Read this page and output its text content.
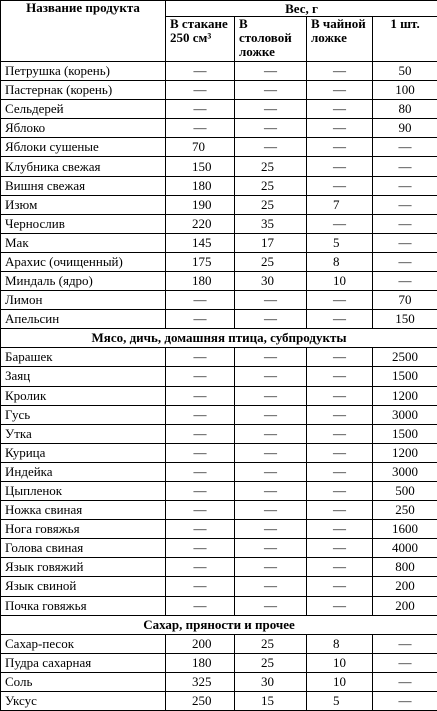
Название продукта	Вес, г			
	В стакане 250 см³	В столовой ложке	В чайной ложке	1 шт.
Петрушка (корень)	—	—	—	50
Пастернак (корень)	—	—	—	100
Сельдерей	—	—	—	80
Яблоко	—	—	—	90
Яблоки сушеные	70	—	—	—
Клубника свежая	150	25	—	—
Вишня свежая	180	25	—	—
Изюм	190	25	7	—
Чернослив	220	35	—	—
Мак	145	17	5	—
Арахис (очищенный)	175	25	8	—
Миндаль (ядро)	180	30	10	—
Лимон	—	—	—	70
Апельсин	—	—	—	150
Мясо, дичь, домашняя птица, субпродукты				
Барашек	—	—	—	2500
Заяц	—	—	—	1500
Кролик	—	—	—	1200
Гусь	—	—	—	3000
Утка	—	—	—	1500
Курица	—	—	—	1200
Индейка	—	—	—	3000
Цыпленок	—	—	—	500
Ножка свиная	—	—	—	250
Нога говяжья	—	—	—	1600
Голова свиная	—	—	—	4000
Язык говяжий	—	—	—	800
Язык свиной	—	—	—	200
Почка говяжья	—	—	—	200
Сахар, пряности и прочее				
Сахар-песок	200	25	8	—
Пудра сахарная	180	25	10	—
Соль	325	30	10	—
Уксус	250	15	5	—
